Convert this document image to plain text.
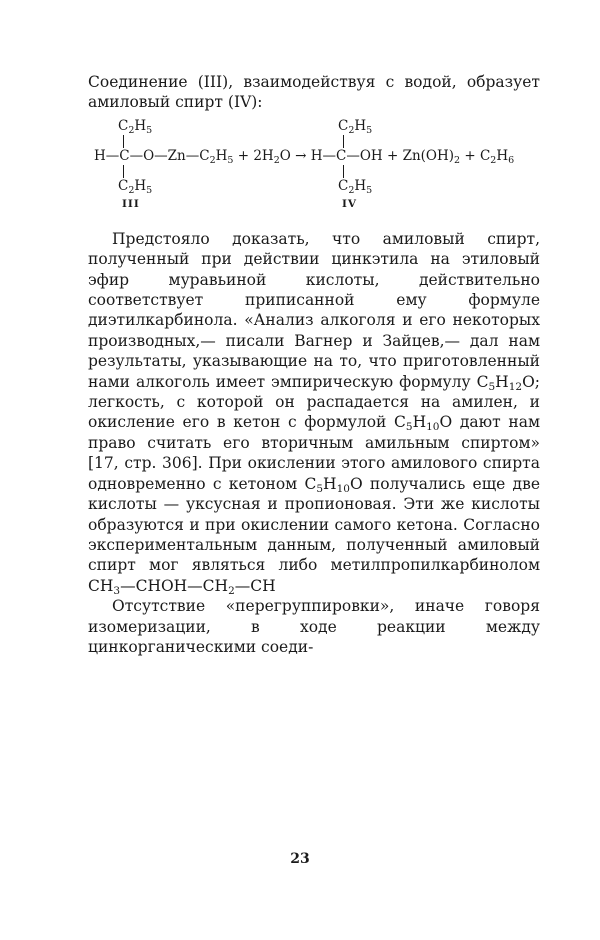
Соединение (III), взаимодействуя с водой, образует амиловый спирт (IV):

$C_2H_5$	$C_2H_5$
$H—C—O—Zn—C_2H_5 + 2H_2O$ → H—C—OH + $Zn(OH)_2 + C_2H_6$
$C_2H_5$	$C_2H_5$
III	IV

Предстояло доказать, что амиловый спирт, полученный при действии цинкэтила на этиловый эфир муравьиной кислоты, действительно соответствует приписанной ему формуле диэтилкарбинола. «Анализ алкоголя и его некоторых производных,— писали Вагнер и Зайцев,— дал нам результаты, указывающие на то, что приготовленный нами алкоголь имеет эмпирическую формулу $C_5H_{12}O$; легкость, с которой он распадается на амилен, и окисление его в кетон с формулой $C_5H_{10}O$ дают нам право считать его вторичным амильным спиртом» [17, стр. 306]. При окислении этого амилового спирта одновременно с кетоном $C_5H_{10}O$ получались еще две кислоты — уксусная и пропионовая. Эти же кислоты образуются и при окислении самого кетона. Согласно экспериментальным данным, полученный амиловый спирт мог являться либо метилпропилкарбинолом $CH_3—CHOH—CH_2—CH$

Отсутствие «перегруппировки», иначе говоря изомеризации, в ходе реакции между цинкорганическими соеди-

23
